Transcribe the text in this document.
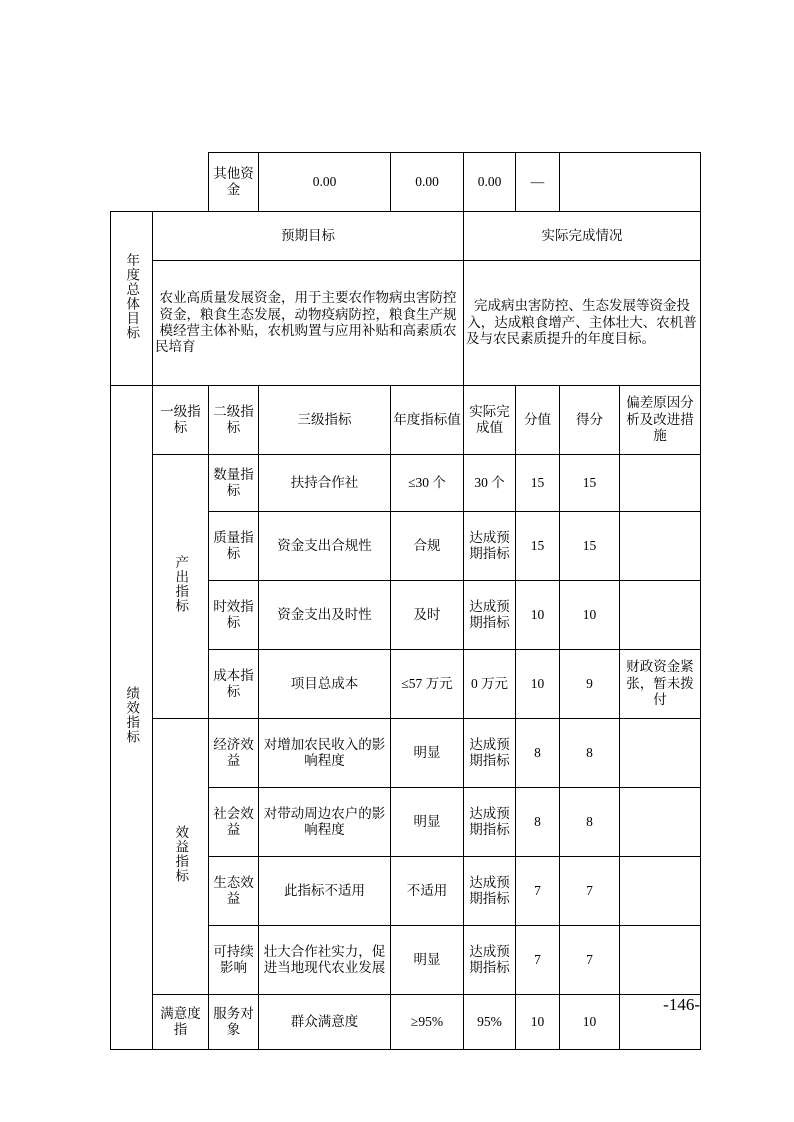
		其他资金	0.00	0.00	0.00	—		
年度总体目标	预期目标				实际完成情况			
	农业高质量发展资金，用于主要农作物病虫害防控资金，粮食生态发展，动物疫病防控，粮食生产规模经营主体补贴，农机购置与应用补贴和高素质农民培育				完成病虫害防控、生态发展等资金投入，达成粮食增产、主体壮大、农机普及与农民素质提升的年度目标。			
绩效指标	一级指标	二级指标	三级指标	年度指标值	实际完成值	分值	得分	偏差原因分析及改进措施
	产出指标	数量指标	扶持合作社	≤30 个	30 个	15	15	
		质量指标	资金支出合规性	合规	达成预期指标	15	15	
		时效指标	资金支出及时性	及时	达成预期指标	10	10	
		成本指标	项目总成本	≤57 万元	0 万元	10	9	财政资金紧张，暂未拨付
	效益指标	经济效益	对增加农民收入的影响程度	明显	达成预期指标	8	8	
		社会效益	对带动周边农户的影响程度	明显	达成预期指标	8	8	
		生态效益	此指标不适用	不适用	达成预期指标	7	7	
		可持续影响	壮大合作社实力，促进当地现代农业发展	明显	达成预期指标	7	7	
	满意度指	服务对象	群众满意度	≥95%	95%	10	10	
-146-
